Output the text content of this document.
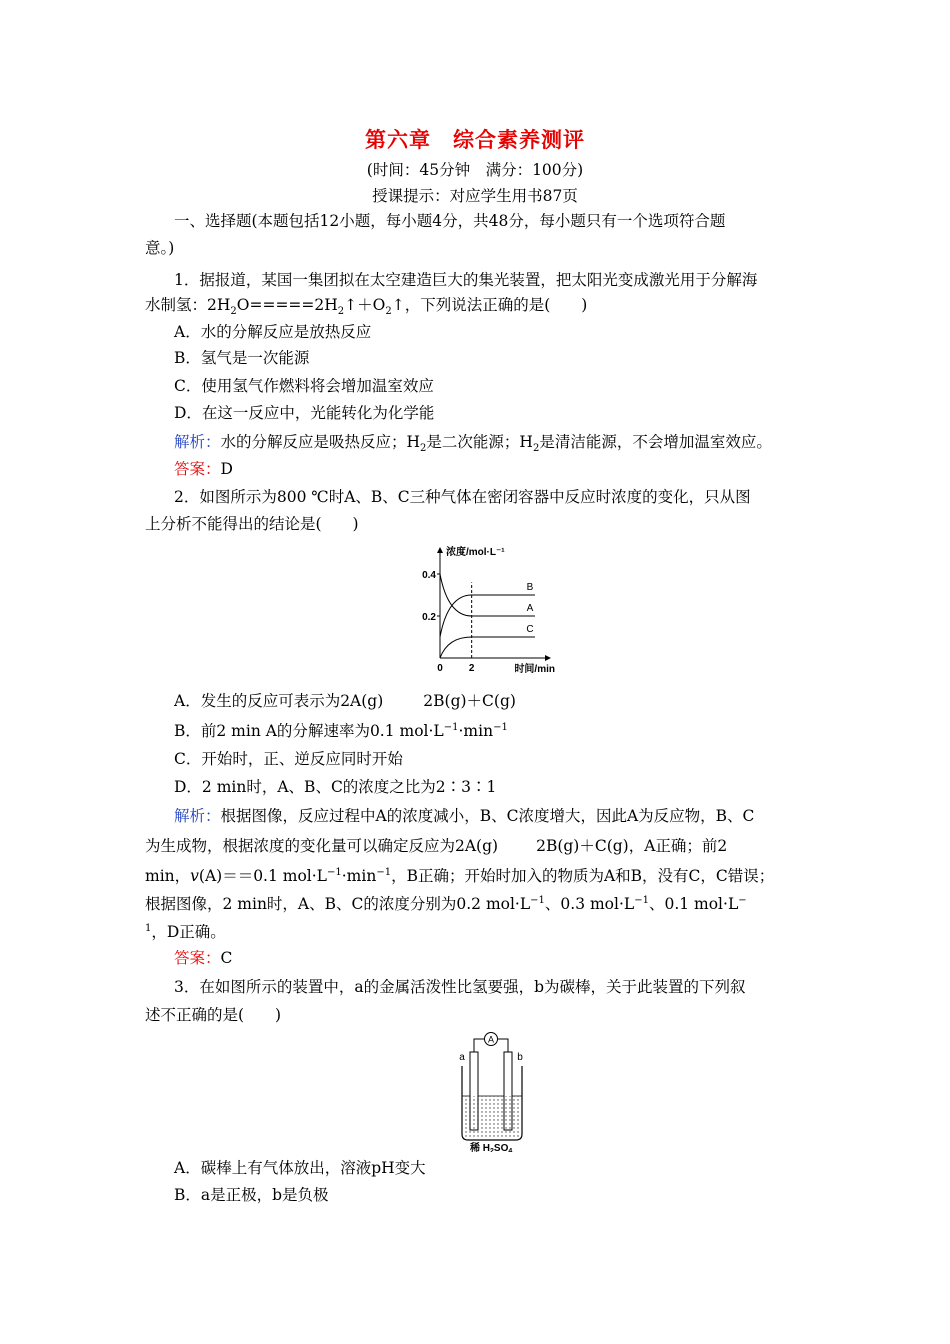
第六章　综合素养测评
(时间：45分钟　满分：100分)
授课提示：对应学生用书87页
一、选择题(本题包括12小题，每小题4分，共48分，每小题只有一个选项符合题
意。)
1．据报道，某国一集团拟在太空建造巨大的集光装置，把太阳光变成激光用于分解海
水制氢：$2H_2O=====2H_2↑+O_2↑$，下列说法正确的是(　　)
A．水的分解反应是放热反应
B．氢气是一次能源
C．使用氢气作燃料将会增加温室效应
D．在这一反应中，光能转化为化学能
解析：水的分解反应是吸热反应；$H_2$是二次能源；$H_2$是清洁能源，不会增加温室效应。
答案：D
2．如图所示为800 ℃时A、B、C三种气体在密闭容器中反应时浓度的变化，只从图
上分析不能得出的结论是(　　)
浓度/mol·L⁻¹
时间/min
0.2
0.4
0	2
B
A
C
A．发生的反应可表示为2A(g)	2B(g)＋C(g)
B．前2 min A的分解速率为0.1 $mol\cdot L^{-1}\cdot\min^{-1}$
C．开始时，正、逆反应同时开始
D．2 min时，A、B、C的浓度之比为2∶3∶1
解析：根据图像，反应过程中A的浓度减小，B、C浓度增大，因此A为反应物，B、C
为生成物，根据浓度的变化量可以确定反应为2A(g) 2B(g)＋C(g)，A正确；前2
min，v(A)＝＝0.1 $mol\cdot L^{-1}\cdot\min^{-1}$，B正确；开始时加入的物质为A和B，没有C，C错误；
根据图像，2 min时，A、B、C的浓度分别为0.2 $mol\cdot L^{-1}$、0.3 $mol\cdot L^{-1}$、0.1 mol·L−
$^1$，D正确。
答案：C
3．在如图所示的装置中，a的金属活泼性比氢要强，b为碳棒，关于此装置的下列叙
述不正确的是(　　)
A
a	b
稀 $H_2SO_4$
A．碳棒上有气体放出，溶液pH变大
B．a是正极，b是负极
